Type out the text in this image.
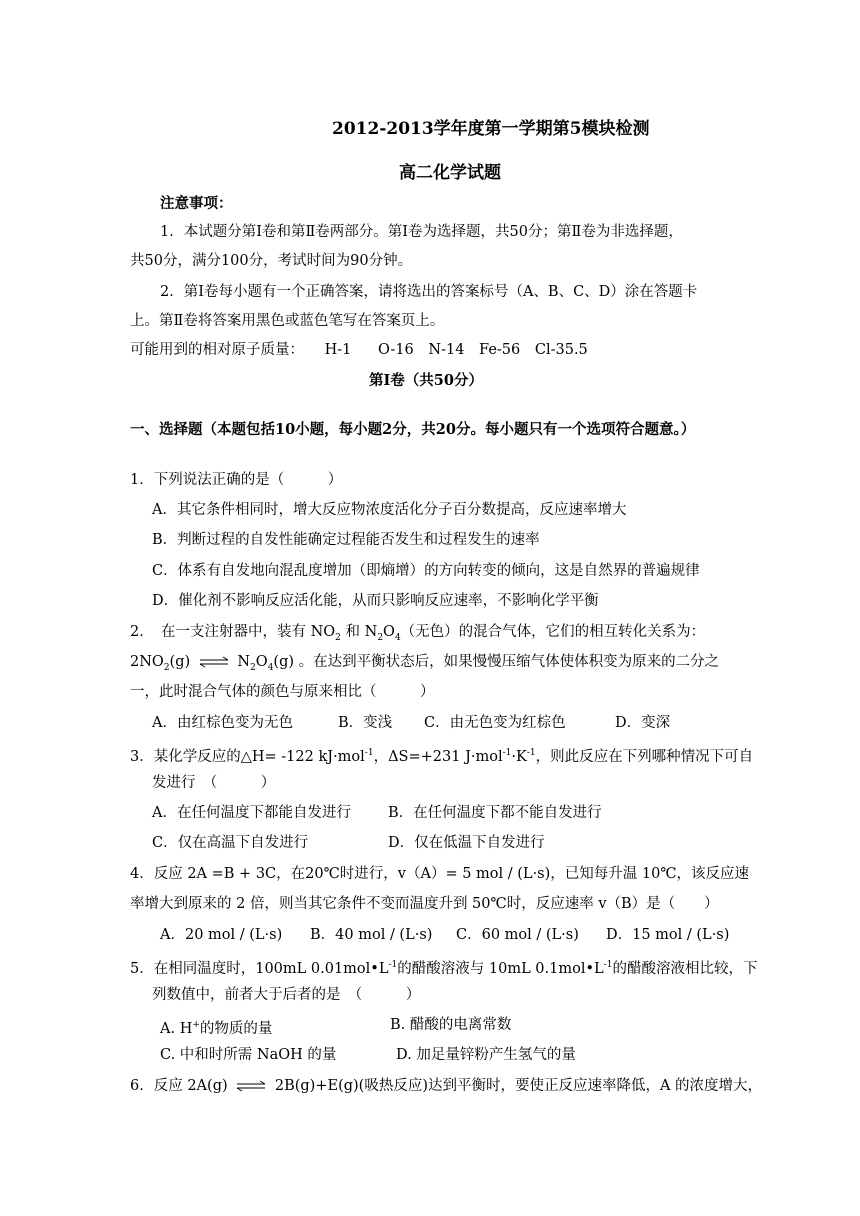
2012-2013学年度第一学期第5模块检测
高二化学试题
注意事项：
1．本试题分第Ⅰ卷和第Ⅱ卷两部分。第Ⅰ卷为选择题，共50分；第Ⅱ卷为非选择题，
共50分，满分100分，考试时间为90分钟。
2．第Ⅰ卷每小题有一个正确答案，请将选出的答案标号（A、B、C、D）涂在答题卡
上。第Ⅱ卷将答案用黑色或蓝色笔写在答案页上。
可能用到的相对原子质量： H-1 O-16 N-14 Fe-56 Cl-35.5
第Ⅰ卷（共50分）
一、选择题（本题包括10小题，每小题2分，共20分。每小题只有一个选项符合题意。）
1．下列说法正确的是（　　　）
A．其它条件相同时，增大反应物浓度活化分子百分数提高，反应速率增大
B．判断过程的自发性能确定过程能否发生和过程发生的速率
C．体系有自发地向混乱度增加（即熵增）的方向转变的倾向，这是自然界的普遍规律
D．催化剂不影响反应活化能，从而只影响反应速率，不影响化学平衡
2．　在一支注射器中，装有 $NO_2$ 和 $N_2O_4$（无色）的混合气体，它们的相互转化关系为：
$2NO_2(g)$ ⇌ $N_2O_4(g)$ 。在达到平衡状态后，如果慢慢压缩气体使体积变为原来的二分之
一，此时混合气体的颜色与原来相比（　　　）
A．由红棕色变为无色	B．变浅 C．由无色变为红棕色	D．变深
3．某化学反应的△H= -122 kJ·mol$^{-1}$，ΔS=+231 $J\cdot mol^{-1}\cdot K^{-1}$，则此反应在下列哪种情况下可自
发进行　（　　　）
A．在任何温度下都能自发进行	B．在任何温度下都不能自发进行
C．仅在高温下自发进行	D．仅在低温下自发进行
4．反应 2A =B + 3C，在20℃时进行，v（A）= 5 mol / (L·s)，已知每升温 10℃，该反应速
率增大到原来的 2 倍，则当其它条件不变而温度升到 50℃时，反应速率 v（B）是（　　）
A．20 mol / (L·s) B．40 mol / (L·s) C．60 mol / (L·s) D．15 mol / (L·s)
5．在相同温度时，100mL $0.01mol•L^{-1}$的醋酸溶液与 10mL $0.1mol•L^{-1}$的醋酸溶液相比较，下
列数值中，前者大于后者的是　（　　　）
A. H+的物质的量	B. 醋酸的电离常数
C. 中和时所需 NaOH 的量	D. 加足量锌粉产生氢气的量
6．反应 2A(g) ⇌ 2B(g)+E(g)(吸热反应)达到平衡时，要使正反应速率降低，A 的浓度增大，
